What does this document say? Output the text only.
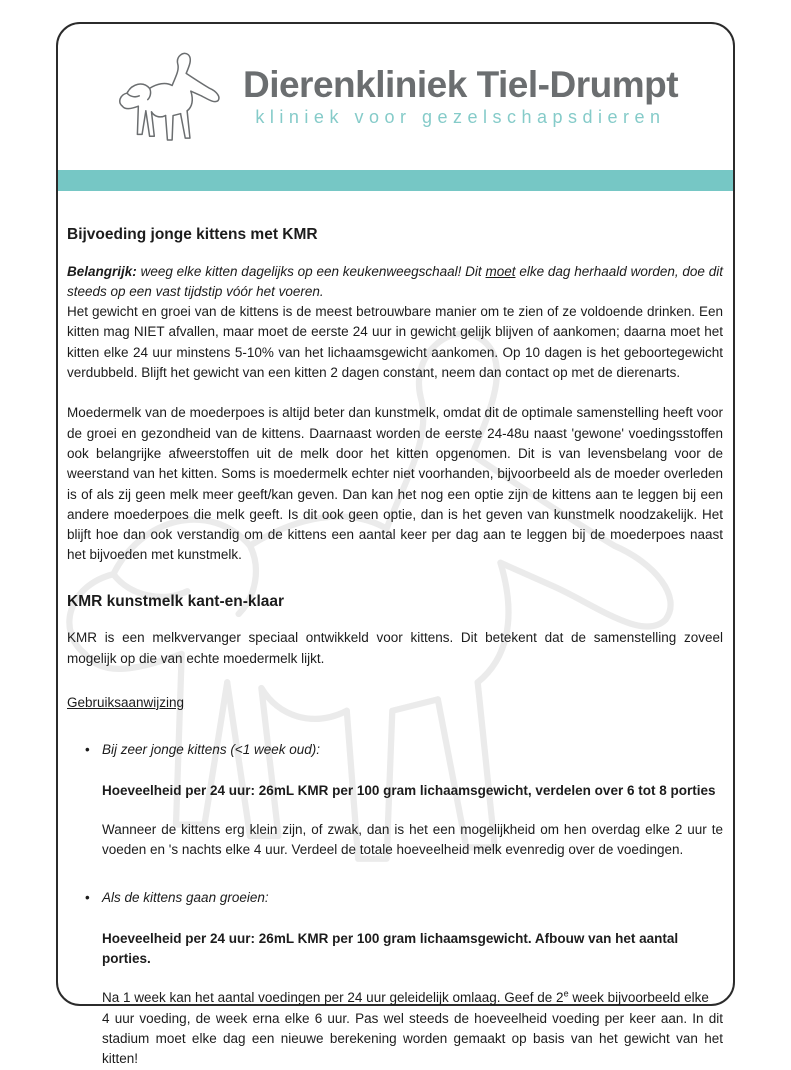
Dierenkliniek Tiel-Drumpt
kliniek voor gezelschapsdieren
Bijvoeding jonge kittens met KMR

Belangrijk: weeg elke kitten dagelijks op een keukenweegschaal! Dit moet elke dag herhaald worden, doe dit steeds op een vast tijdstip vóór het voeren.

Het gewicht en groei van de kittens is de meest betrouwbare manier om te zien of ze voldoende drinken. Een kitten mag NIET afvallen, maar moet de eerste 24 uur in gewicht gelijk blijven of aankomen; daarna moet het kitten elke 24 uur minstens 5-10% van het lichaamsgewicht aankomen. Op 10 dagen is het geboortegewicht verdubbeld. Blijft het gewicht van een kitten 2 dagen constant, neem dan contact op met de dierenarts.

Moedermelk van de moederpoes is altijd beter dan kunstmelk, omdat dit de optimale samenstelling heeft voor de groei en gezondheid van de kittens. Daarnaast worden de eerste 24-48u naast 'gewone' voedingsstoffen ook belangrijke afweerstoffen uit de melk door het kitten opgenomen. Dit is van levensbelang voor de weerstand van het kitten. Soms is moedermelk echter niet voorhanden, bijvoorbeeld als de moeder overleden is of als zij geen melk meer geeft/kan geven. Dan kan het nog een optie zijn de kittens aan te leggen bij een andere moederpoes die melk geeft. Is dit ook geen optie, dan is het geven van kunstmelk noodzakelijk. Het blijft hoe dan ook verstandig om de kittens een aantal keer per dag aan te leggen bij de moederpoes naast het bijvoeden met kunstmelk.

KMR kunstmelk kant-en-klaar

KMR is een melkvervanger speciaal ontwikkeld voor kittens. Dit betekent dat de samenstelling zoveel mogelijk op die van echte moedermelk lijkt.

Gebruiksaanwijzing

• Bij zeer jonge kittens (<1 week oud):

Hoeveelheid per 24 uur: 26mL KMR per 100 gram lichaamsgewicht, verdelen over 6 tot 8 porties

Wanneer de kittens erg klein zijn, of zwak, dan is het een mogelijkheid om hen overdag elke 2 uur te voeden en 's nachts elke 4 uur. Verdeel de totale hoeveelheid melk evenredig over de voedingen.

• Als de kittens gaan groeien:

Hoeveelheid per 24 uur: 26mL KMR per 100 gram lichaamsgewicht. Afbouw van het aantal porties.

Na 1 week kan het aantal voedingen per 24 uur geleidelijk omlaag. Geef de 2e week bijvoorbeeld elke
4 uur voeding, de week erna elke 6 uur. Pas wel steeds de hoeveelheid voeding per keer aan. In dit stadium moet elke dag een nieuwe berekening worden gemaakt op basis van het gewicht van het kitten!
